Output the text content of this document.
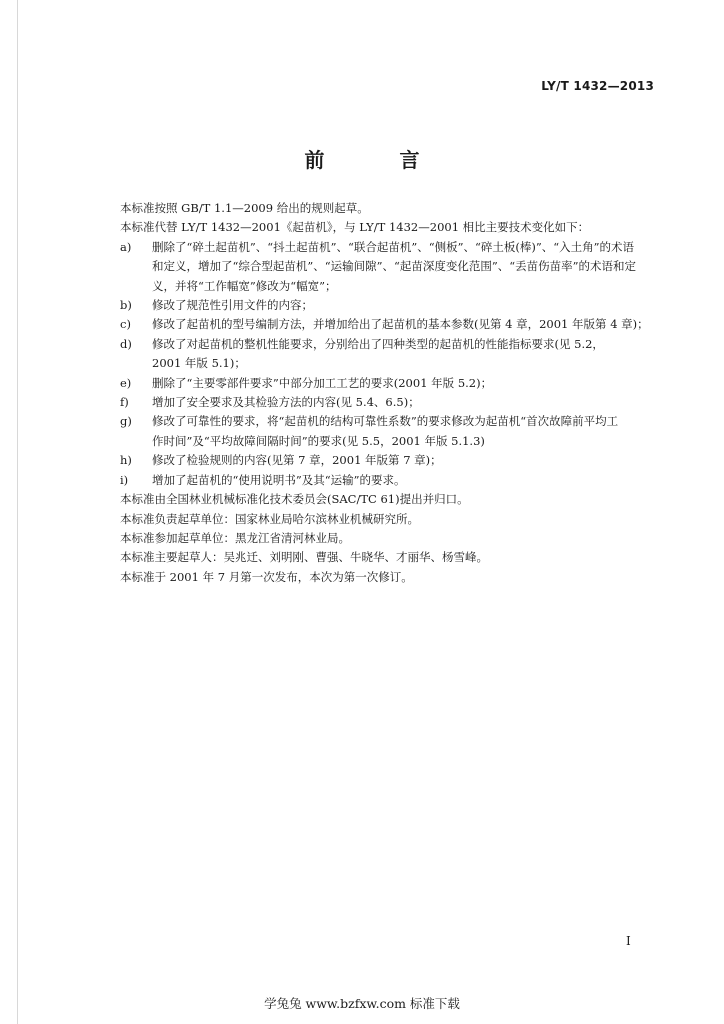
LY/T 1432—2013
前 言

本标准按照 GB/T 1.1—2009 给出的规则起草。

本标准代替 LY/T 1432—2001《起苗机》，与 LY/T 1432—2001 相比主要技术变化如下：

a) 删除了“碎土起苗机”、“抖土起苗机”、“联合起苗机”、“侧板”、“碎土板(棒)”、“入土角”的术语
和定义，增加了“综合型起苗机”、“运输间隙”、“起苗深度变化范围”、“丢苗伤苗率”的术语和定
义，并将“工作幅宽”修改为“幅宽”；
b) 修改了规范性引用文件的内容；
c) 修改了起苗机的型号编制方法，并增加给出了起苗机的基本参数(见第 4 章，2001 年版第 4 章)；
d) 修改了对起苗机的整机性能要求，分别给出了四种类型的起苗机的性能指标要求(见 5.2，
2001 年版 5.1)；
e) 删除了“主要零部件要求”中部分加工工艺的要求(2001 年版 5.2)；
f) 增加了安全要求及其检验方法的内容(见 5.4、6.5)；
g) 修改了可靠性的要求，将“起苗机的结构可靠性系数”的要求修改为起苗机“首次故障前平均工
作时间”及“平均故障间隔时间”的要求(见 5.5，2001 年版 5.1.3)
h) 修改了检验规则的内容(见第 7 章，2001 年版第 7 章)；
i) 增加了起苗机的“使用说明书”及其“运输”的要求。

本标准由全国林业机械标准化技术委员会(SAC/TC 61)提出并归口。

本标准负责起草单位：国家林业局哈尔滨林业机械研究所。

本标准参加起草单位：黑龙江省清河林业局。

本标准主要起草人：吴兆迁、刘明刚、曹强、牛晓华、才丽华、杨雪峰。

本标准于 2001 年 7 月第一次发布，本次为第一次修订。

I
学兔兔 www.bzfxw.com 标准下载
